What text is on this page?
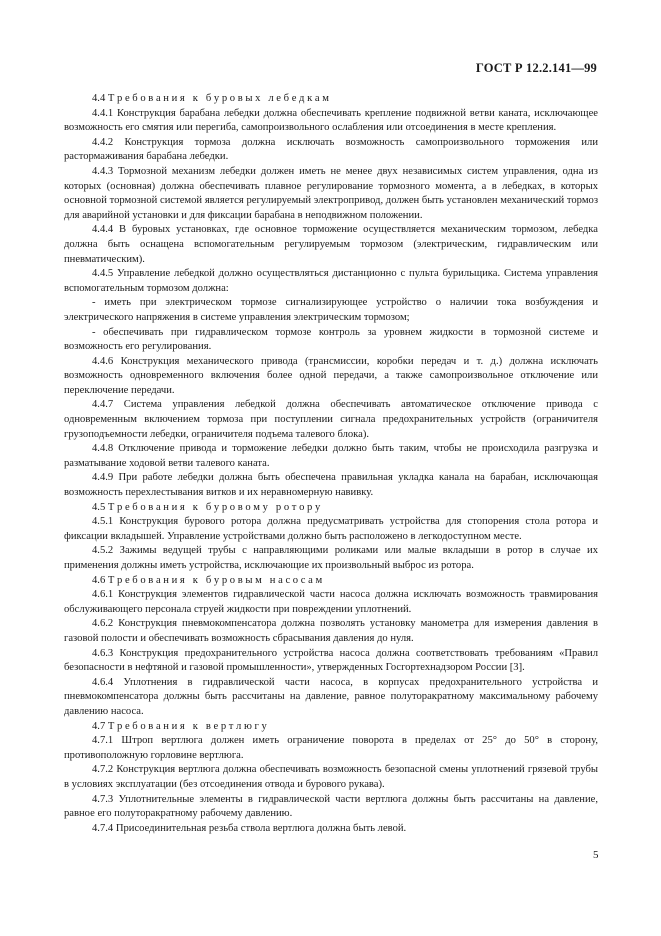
ГОСТ Р 12.2.141—99
4.4 Т р е б о в а н и я   к   б у р о в ы х   л е б е д к а м

4.4.1 Конструкция барабана лебедки должна обеспечивать крепление подвижной ветви каната, исключающее возможность его смятия или перегиба, самопроизвольного ослабления или отсоединения в месте крепления.

4.4.2 Конструкция тормоза должна исключать возможность самопроизвольного торможения или растормаживания барабана лебедки.

4.4.3 Тормозной механизм лебедки должен иметь не менее двух независимых систем управления, одна из которых (основная) должна обеспечивать плавное регулирование тормозного момента, а в лебедках, в которых основной тормозной системой является регулируемый электропривод, должен быть установлен механический тормоз для аварийной установки и для фиксации барабана в неподвижном положении.

4.4.4 В буровых установках, где основное торможение осуществляется механическим тормозом, лебедка должна быть оснащена вспомогательным регулируемым тормозом (электрическим, гидравлическим или пневматическим).

4.4.5 Управление лебедкой должно осуществляться дистанционно с пульта бурильщика. Система управления вспомогательным тормозом должна:

- иметь при электрическом тормозе сигнализирующее устройство о наличии тока возбуждения и электрического напряжения в системе управления электрическим тормозом;

- обеспечивать при гидравлическом тормозе контроль за уровнем жидкости в тормозной системе и возможность его регулирования.

4.4.6 Конструкция механического привода (трансмиссии, коробки передач и т. д.) должна исключать возможность одновременного включения более одной передачи, а также самопроизвольное отключение или переключение передачи.

4.4.7 Система управления лебедкой должна обеспечивать автоматическое отключение привода с одновременным включением тормоза при поступлении сигнала предохранительных устройств (ограничителя грузоподъемности лебедки, ограничителя подъема талевого блока).

4.4.8 Отключение привода и торможение лебедки должно быть таким, чтобы не происходила разгрузка и разматывание ходовой ветви талевого каната.

4.4.9 При работе лебедки должна быть обеспечена правильная укладка канала на барабан, исключающая возможность перехлестывания витков и их неравномерную навивку.

4.5 Т р е б о в а н и я   к   б у р о в о м у   р о т о р у

4.5.1 Конструкция бурового ротора должна предусматривать устройства для стопорения стола ротора и фиксации вкладышей. Управление устройствами должно быть расположено в легкодоступном месте.

4.5.2 Зажимы ведущей трубы с направляющими роликами или малые вкладыши в ротор в случае их применения должны иметь устройства, исключающие их произвольный выброс из ротора.

4.6 Т р е б о в а н и я   к   б у р о в ы м   н а с о с а м

4.6.1 Конструкция элементов гидравлической части насоса должна исключать возможность травмирования обслуживающего персонала струей жидкости при повреждении уплотнений.

4.6.2 Конструкция пневмокомпенсатора должна позволять установку манометра для измерения давления в газовой полости и обеспечивать возможность сбрасывания давления до нуля.

4.6.3 Конструкция предохранительного устройства насоса должна соответствовать требованиям «Правил безопасности в нефтяной и газовой промышленности», утвержденных Госгортехнадзором России [3].

4.6.4 Уплотнения в гидравлической части насоса, в корпусах предохранительного устройства и пневмокомпенсатора должны быть рассчитаны на давление, равное полуторакратному максимальному рабочему давлению насоса.

4.7 Т р е б о в а н и я   к   в е р т л ю г у

4.7.1 Штроп вертлюга должен иметь ограничение поворота в пределах от 25° до 50° в сторону, противоположную горловине вертлюга.

4.7.2 Конструкция вертлюга должна обеспечивать возможность безопасной смены уплотнений грязевой трубы в условиях эксплуатации (без отсоединения отвода и бурового рукава).

4.7.3 Уплотнительные элементы в гидравлической части вертлюга должны быть рассчитаны на давление, равное его полуторакратному рабочему давлению.

4.7.4 Присоединительная резьба ствола вертлюга должна быть левой.

5
